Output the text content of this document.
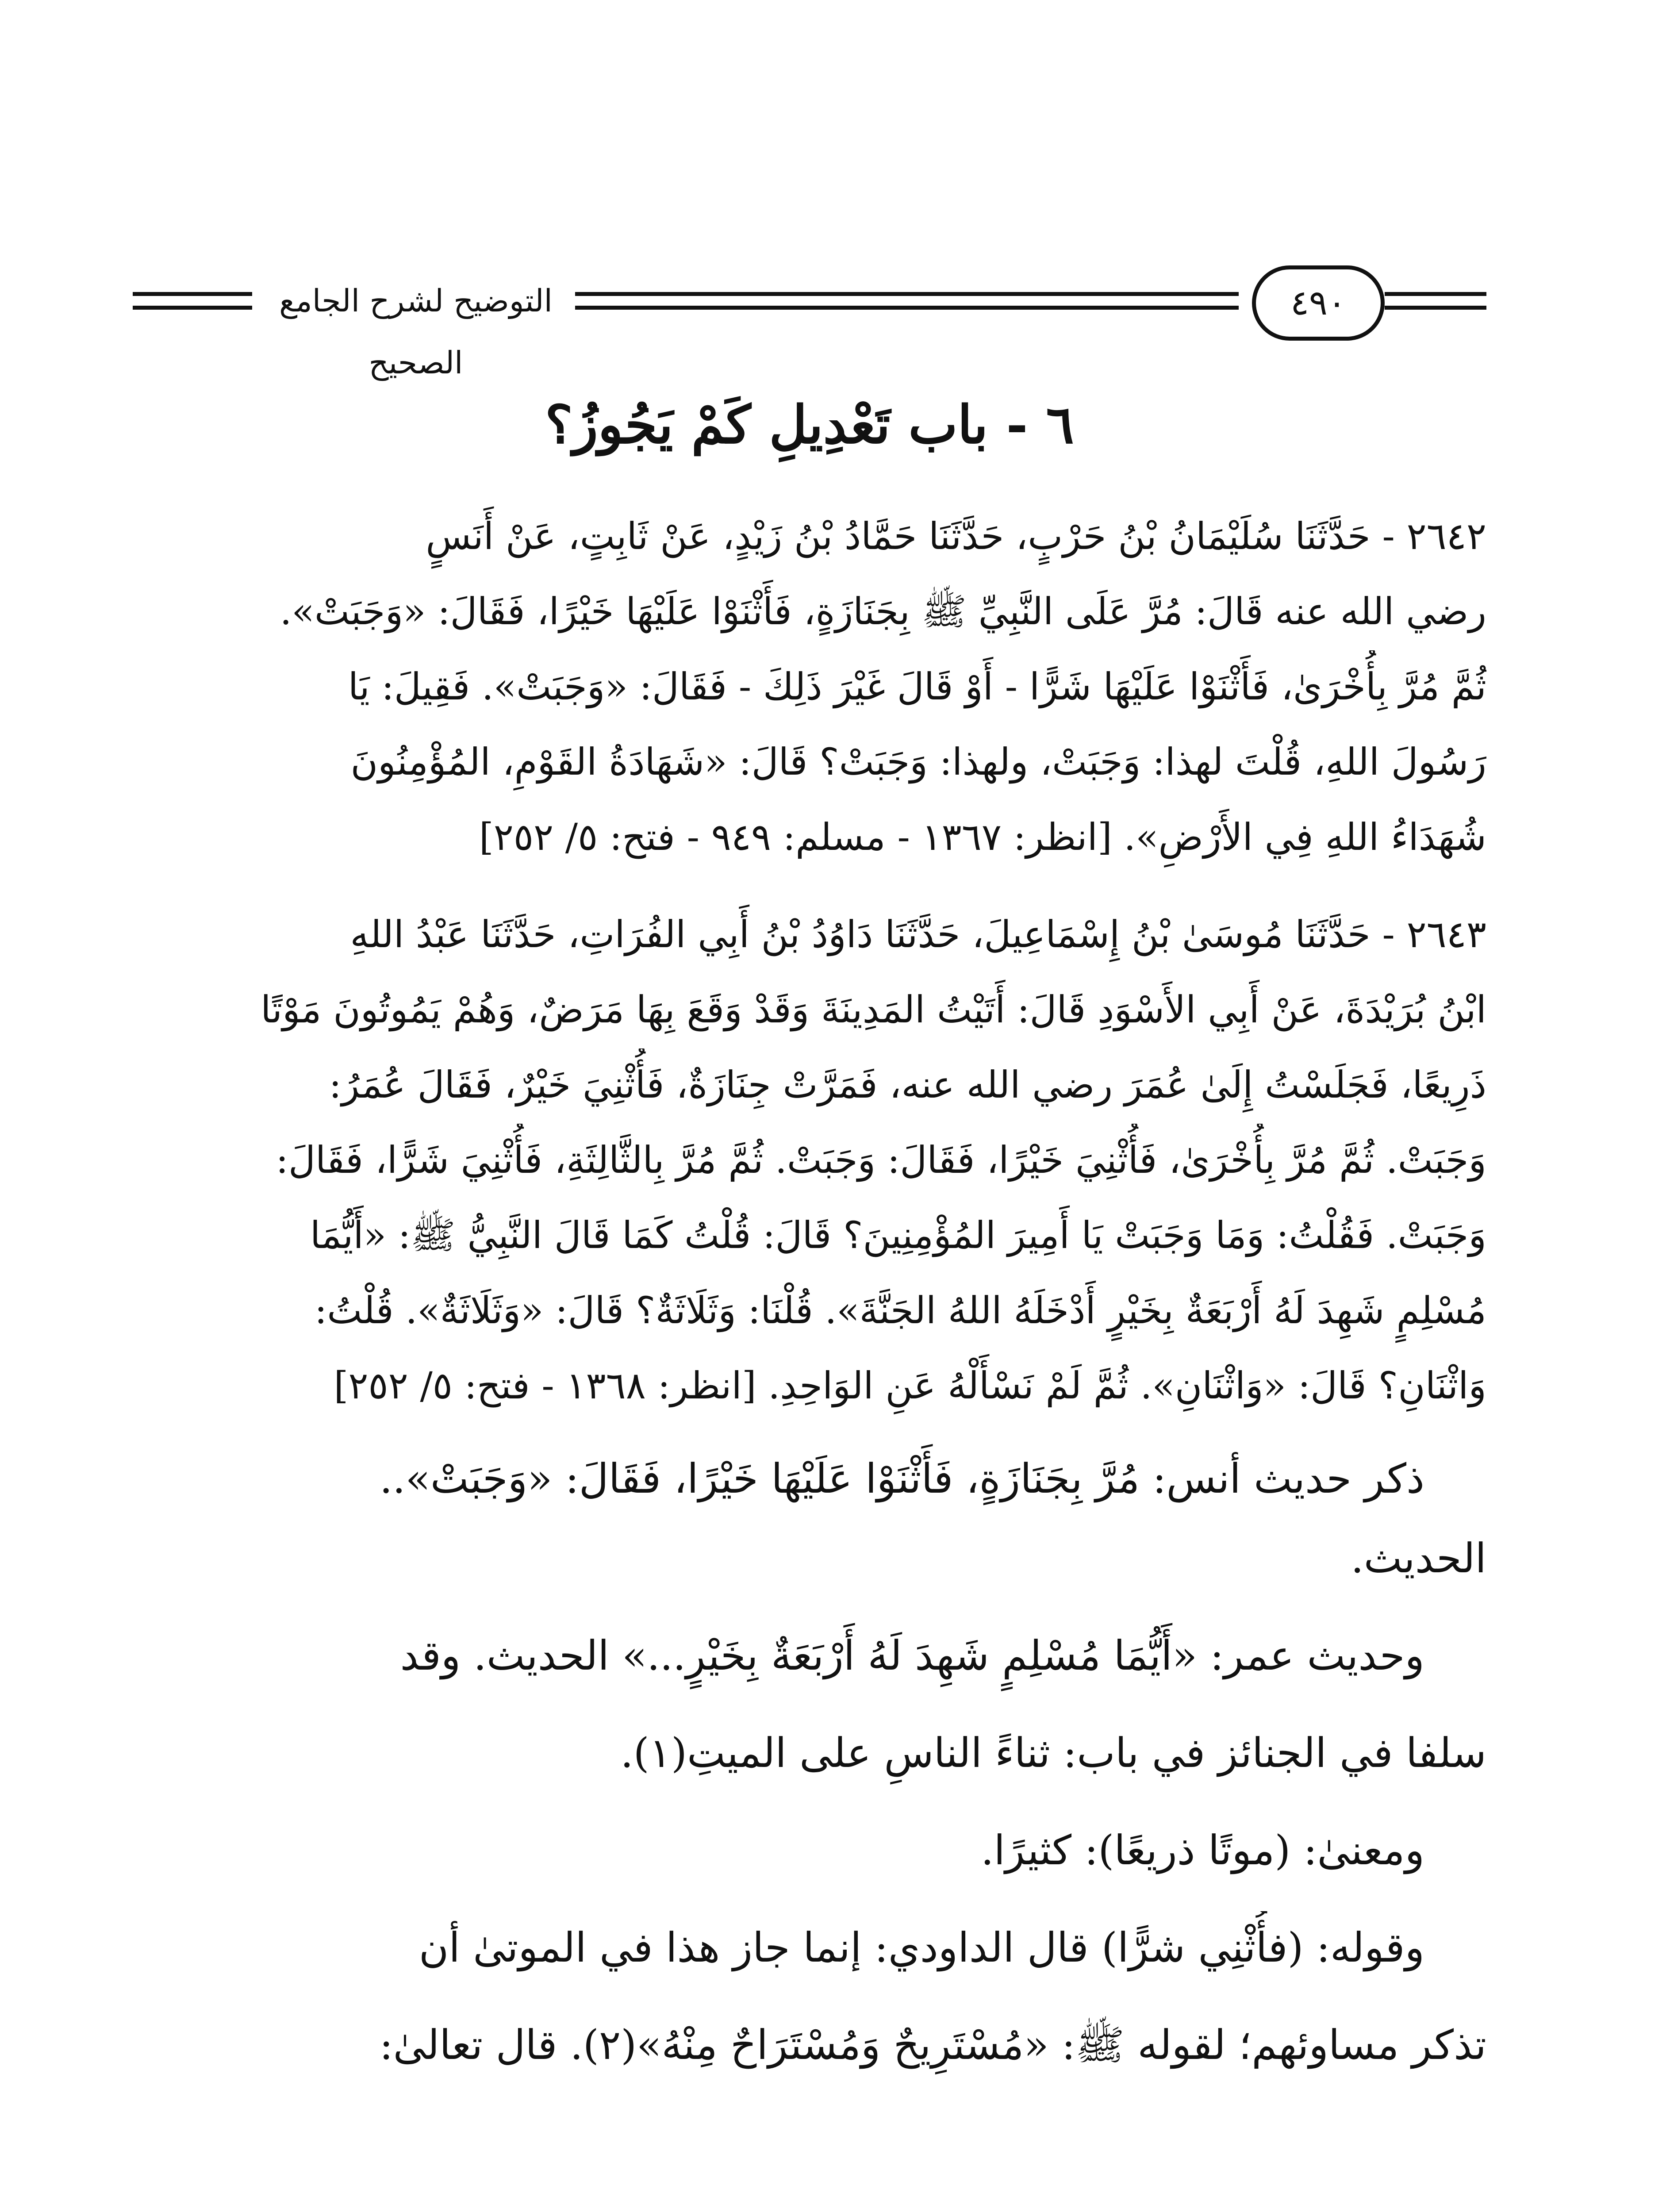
التوضيح لشرح الجامع الصحيح
٤٩٠
٦ - باب تَعْدِيلِ كَمْ يَجُوزُ؟
٢٦٤٢ - حَدَّثَنَا سُلَيْمَانُ بْنُ حَرْبٍ، حَدَّثَنَا حَمَّادُ بْنُ زَيْدٍ، عَنْ ثَابِتٍ، عَنْ أَنَسٍ
رضي الله عنه قَالَ: مُرَّ عَلَى النَّبِيِّ ﷺ بِجَنَازَةٍ، فَأَثْنَوْا عَلَيْهَا خَيْرًا، فَقَالَ: «وَجَبَتْ».
ثُمَّ مُرَّ بِأُخْرَىٰ، فَأَثْنَوْا عَلَيْهَا شَرًّا - أَوْ قَالَ غَيْرَ ذَلِكَ - فَقَالَ: «وَجَبَتْ». فَقِيلَ: يَا
رَسُولَ اللهِ، قُلْتَ لهذا: وَجَبَتْ، ولهذا: وَجَبَتْ؟ قَالَ: «شَهَادَةُ القَوْمِ، المُؤْمِنُونَ
شُهَدَاءُ اللهِ فِي الأَرْضِ». [انظر: ١٣٦٧ - مسلم: ٩٤٩ - فتح: ٥/ ٢٥٢]
٢٦٤٣ - حَدَّثَنَا مُوسَىٰ بْنُ إِسْمَاعِيلَ، حَدَّثَنَا دَاوُدُ بْنُ أَبِي الفُرَاتِ، حَدَّثَنَا عَبْدُ اللهِ
ابْنُ بُرَيْدَةَ، عَنْ أَبِي الأَسْوَدِ قَالَ: أَتَيْتُ المَدِينَةَ وَقَدْ وَقَعَ بِهَا مَرَضٌ، وَهُمْ يَمُوتُونَ مَوْتًا
ذَرِيعًا، فَجَلَسْتُ إِلَىٰ عُمَرَ رضي الله عنه، فَمَرَّتْ جِنَازَةٌ، فَأُثْنِيَ خَيْرٌ، فَقَالَ عُمَرُ:
وَجَبَتْ. ثُمَّ مُرَّ بِأُخْرَىٰ، فَأُثْنِيَ خَيْرًا، فَقَالَ: وَجَبَتْ. ثُمَّ مُرَّ بِالثَّالِثَةِ، فَأُثْنِيَ شَرًّا، فَقَالَ:
وَجَبَتْ. فَقُلْتُ: وَمَا وَجَبَتْ يَا أَمِيرَ المُؤْمِنِينَ؟ قَالَ: قُلْتُ كَمَا قَالَ النَّبِيُّ ﷺ: «أَيُّمَا
مُسْلِمٍ شَهِدَ لَهُ أَرْبَعَةٌ بِخَيْرٍ أَدْخَلَهُ اللهُ الجَنَّةَ». قُلْنَا: وَثَلَاثَةٌ؟ قَالَ: «وَثَلَاثَةٌ». قُلْتُ:
وَاثْنَانِ؟ قَالَ: «وَاثْنَانِ». ثُمَّ لَمْ نَسْأَلْهُ عَنِ الوَاحِدِ. [انظر: ١٣٦٨ - فتح: ٥/ ٢٥٢]
ذكر حديث أنس: مُرَّ بِجَنَازَةٍ، فَأَثْنَوْا عَلَيْهَا خَيْرًا، فَقَالَ: «وَجَبَتْ»..
الحديث.
وحديث عمر: «أَيُّمَا مُسْلِمٍ شَهِدَ لَهُ أَرْبَعَةٌ بِخَيْرٍ...» الحديث. وقد
سلفا في الجنائز في باب: ثناءً الناسِ على الميتِ(١).
ومعنىٰ: (موتًا ذريعًا): كثيرًا.
وقوله: (فأُثْنِي شرًّا) قال الداودي: إنما جاز هذا في الموتىٰ أن
تذكر مساوئهم؛ لقوله ﷺ: «مُسْتَرِيحٌ وَمُسْتَرَاحٌ مِنْهُ»(٢). قال تعالىٰ:
